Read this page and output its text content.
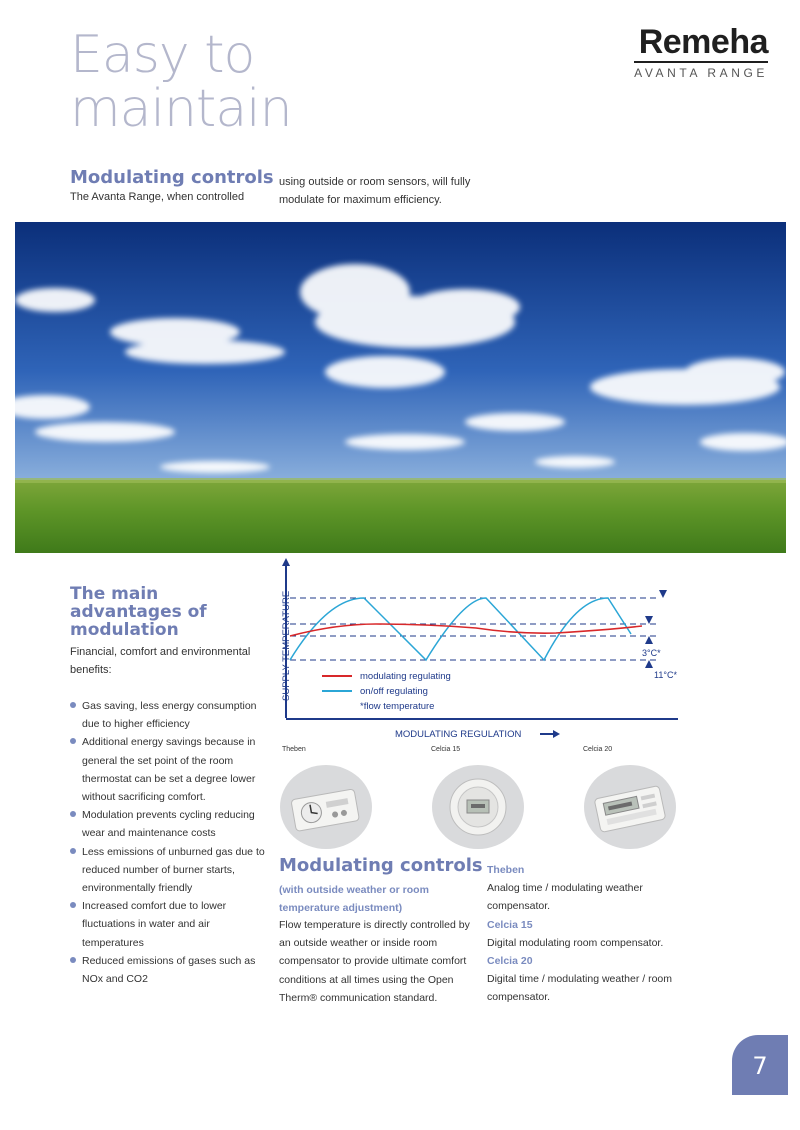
Easy to
maintain
Remeha
AVANTA RANGE
Modulating controls
The Avanta Range, when controlled
using outside or room sensors, will fully modulate for maximum efficiency.
The main advantages of modulation
Financial, comfort and environmental benefits:
Gas saving, less energy consumption due to higher efficiency
Additional energy savings because in general the set point of the room thermostat can be set a degree lower without sacrificing comfort.
Modulation prevents cycling reducing wear and maintenance costs
Less emissions of unburned gas due to reduced number of burner starts, environmentally friendly
Increased comfort due to lower fluctuations in water and air temperatures
Reduced emissions of gases such as NOx and CO2
3°C*
11°C*
modulating regulating
on/off regulating
*flow temperature
SUPPLY TEMPERATURE
MODULATING REGULATION
Theben	Celcia 15	Celcia 20
Modulating controls
(with outside weather or room temperature adjustment)
Flow temperature is directly controlled by an outside weather or inside room compensator to provide ultimate comfort conditions at all times using the Open Therm® communication standard.
Theben
Analog time / modulating weather compensator.
Celcia 15
Digital modulating room compensator.
Celcia 20
Digital time / modulating weather / room compensator.
7
